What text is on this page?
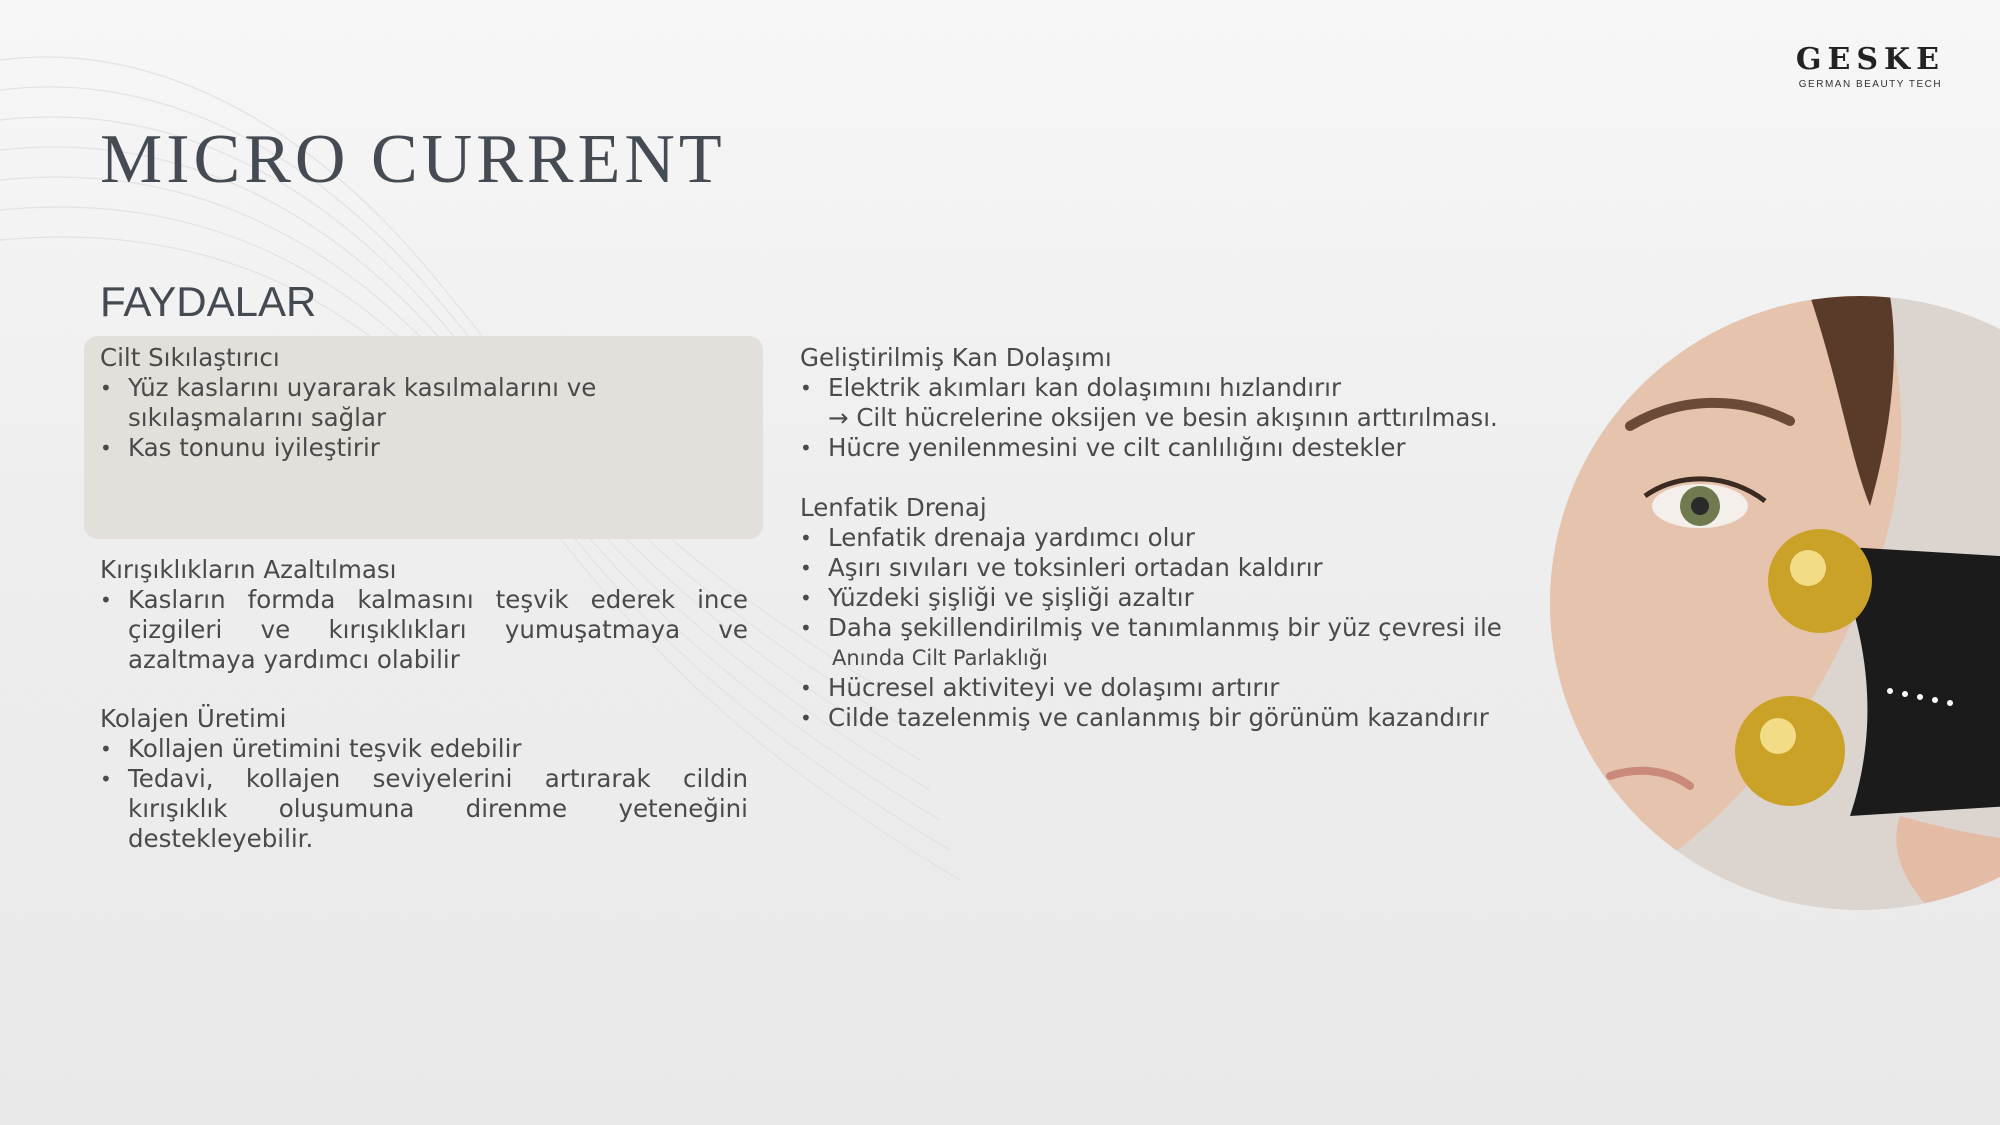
GESKE
GERMAN BEAUTY TECH
MICRO CURRENT
FAYDALAR
Cilt Sıkılaştırıcı
• Yüz kaslarını uyararak kasılmalarını ve sıkılaşmalarını sağlar
• Kas tonunu iyileştirir
Kırışıklıkların Azaltılması
• Kasların formda kalmasını teşvik ederek ince çizgileri ve kırışıklıkları yumuşatmaya ve azaltmaya yardımcı olabilir
Kolajen Üretimi
• Kollajen üretimini teşvik edebilir
• Tedavi, kollajen seviyelerini artırarak cildin kırışıklık oluşumuna direnme yeteneğini destekleyebilir.
Geliştirilmiş Kan Dolaşımı
• Elektrik akımları kan dolaşımını hızlandırır
→ Cilt hücrelerine oksijen ve besin akışının arttırılması.
• Hücre yenilenmesini ve cilt canlılığını destekler
Lenfatik Drenaj
• Lenfatik drenaja yardımcı olur
• Aşırı sıvıları ve toksinleri ortadan kaldırır
• Yüzdeki şişliği ve şişliği azaltır
• Daha şekillendirilmiş ve tanımlanmış bir yüz çevresi ile
Anında Cilt Parlaklığı
• Hücresel aktiviteyi ve dolaşımı artırır
• Cilde tazelenmiş ve canlanmış bir görünüm kazandırır
